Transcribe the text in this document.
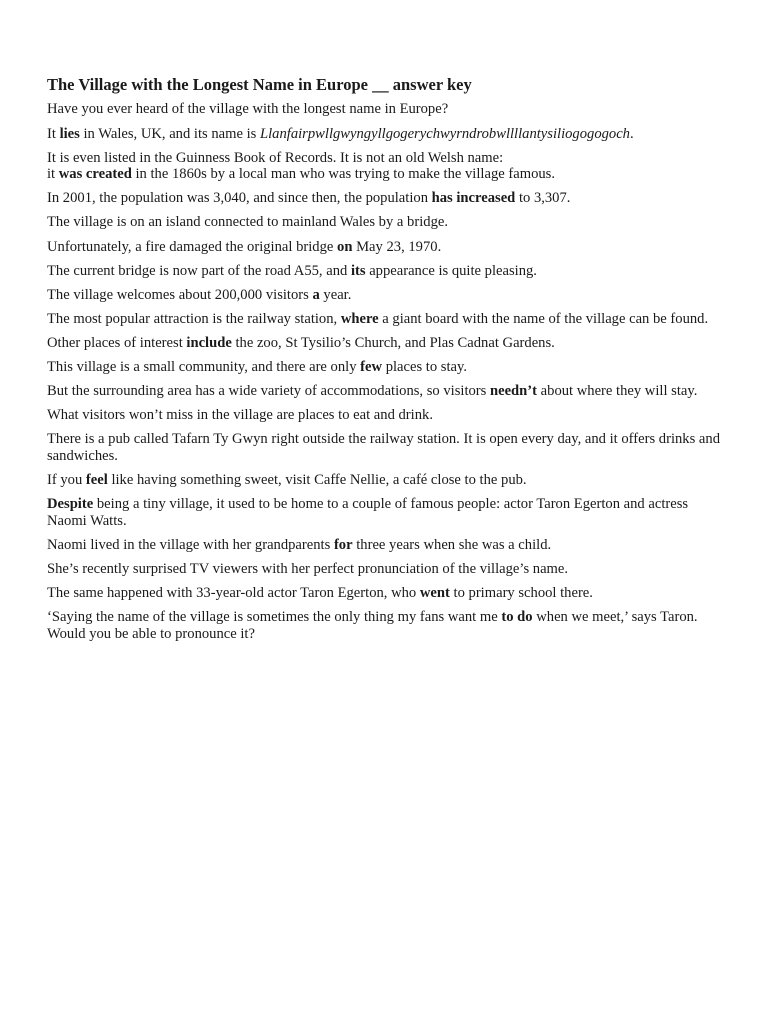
The Village with the Longest Name in Europe __ answer key

Have you ever heard of the village with the longest name in Europe?

It lies in Wales, UK, and its name is Llanfairpwllgwyngyllgogerychwyrndrobwllllantysiliogogogoch.

It is even listed in the Guinness Book of Records. It is not an old Welsh name:
it was created in the 1860s by a local man who was trying to make the village famous.

In 2001, the population was 3,040, and since then, the population has increased to 3,307.

The village is on an island connected to mainland Wales by a bridge.

Unfortunately, a fire damaged the original bridge on May 23, 1970.

The current bridge is now part of the road A55, and its appearance is quite pleasing.

The village welcomes about 200,000 visitors a year.

The most popular attraction is the railway station, where a giant board with the name of the village can be found.

Other places of interest include the zoo, St Tysilio’s Church, and Plas Cadnat Gardens.

This village is a small community, and there are only few places to stay.

But the surrounding area has a wide variety of accommodations, so visitors needn’t about where they will stay.

What visitors won’t miss in the village are places to eat and drink.

There is a pub called Tafarn Ty Gwyn right outside the railway station. It is open every day, and it offers drinks and sandwiches.

If you feel like having something sweet, visit Caffe Nellie, a café close to the pub.

Despite being a tiny village, it used to be home to a couple of famous people: actor Taron Egerton and actress Naomi Watts.

Naomi lived in the village with her grandparents for three years when she was a child.

She’s recently surprised TV viewers with her perfect pronunciation of the village’s name.

The same happened with 33-year-old actor Taron Egerton, who went to primary school there.

‘Saying the name of the village is sometimes the only thing my fans want me to do when we meet,’ says Taron. Would you be able to pronounce it?
